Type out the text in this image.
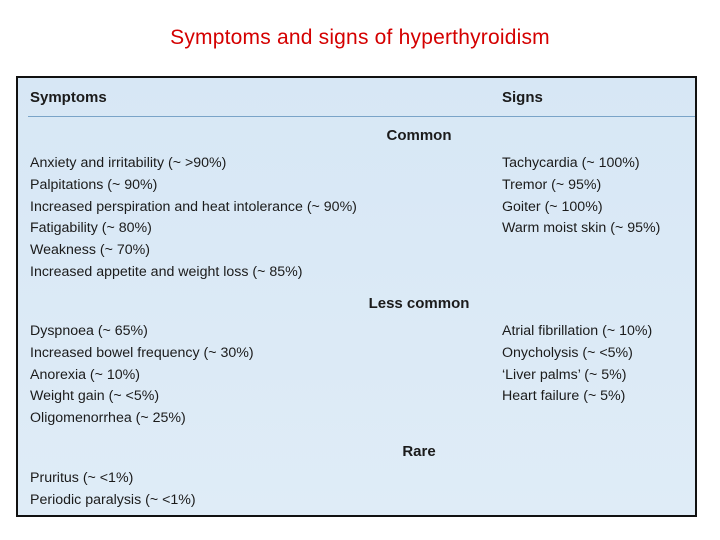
Symptoms and signs of hyperthyroidism
Symptoms	Signs
Common
Anxiety and irritability (~ >90%)
Palpitations (~ 90%)
Increased perspiration and heat intolerance (~ 90%)
Fatigability (~ 80%)
Weakness (~ 70%)
Increased appetite and weight loss (~ 85%)
Tachycardia (~ 100%)
Tremor (~ 95%)
Goiter (~ 100%)
Warm moist skin (~ 95%)
Less common
Dyspnoea (~ 65%)
Increased bowel frequency (~ 30%)
Anorexia (~ 10%)
Weight gain (~ <5%)
Oligomenorrhea (~ 25%)
Atrial fibrillation (~ 10%)
Onycholysis (~ <5%)
‘Liver palms’ (~ 5%)
Heart failure (~ 5%)
Rare
Pruritus (~ <1%)
Periodic paralysis (~ <1%)
